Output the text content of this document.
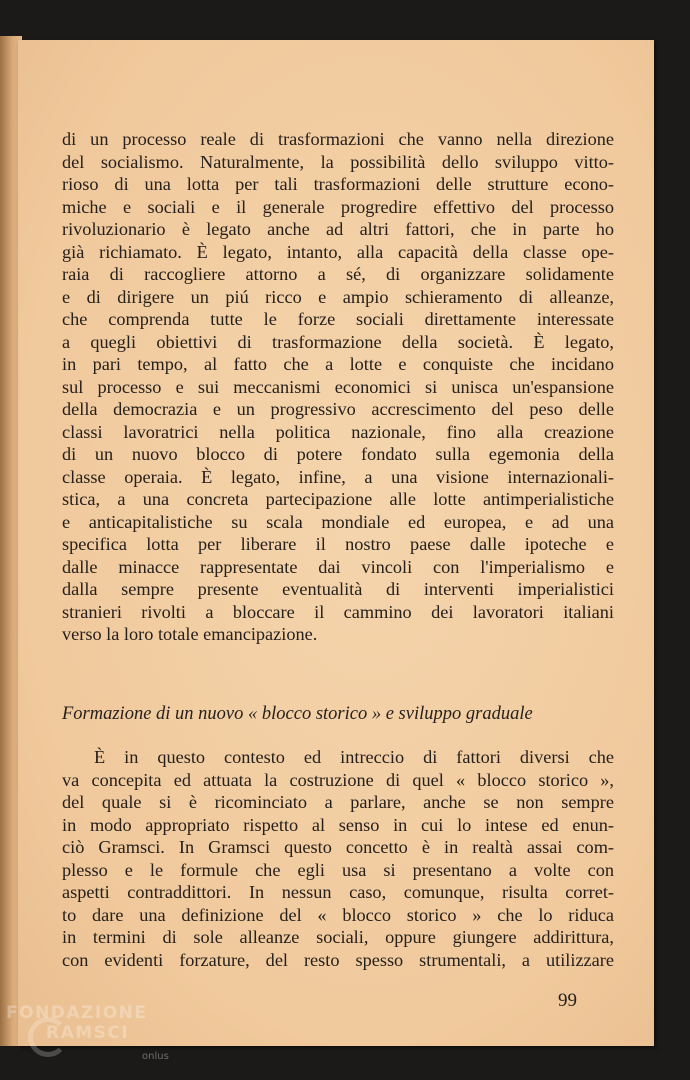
di un processo reale di trasformazioni che vanno nella direzione
del socialismo. Naturalmente, la possibilità dello sviluppo vitto-
rioso di una lotta per tali trasformazioni delle strutture econo-
miche e sociali e il generale progredire effettivo del processo
rivoluzionario è legato anche ad altri fattori, che in parte ho
già richiamato. È legato, intanto, alla capacità della classe ope-
raia di raccogliere attorno a sé, di organizzare solidamente
e di dirigere un piú ricco e ampio schieramento di alleanze,
che comprenda tutte le forze sociali direttamente interessate
a quegli obiettivi di trasformazione della società. È legato,
in pari tempo, al fatto che a lotte e conquiste che incidano
sul processo e sui meccanismi economici si unisca un'espansione
della democrazia e un progressivo accrescimento del peso delle
classi lavoratrici nella politica nazionale, fino alla creazione
di un nuovo blocco di potere fondato sulla egemonia della
classe operaia. È legato, infine, a una visione internazionali-
stica, a una concreta partecipazione alle lotte antimperialistiche
e anticapitalistiche su scala mondiale ed europea, e ad una
specifica lotta per liberare il nostro paese dalle ipoteche e
dalle minacce rappresentate dai vincoli con l'imperialismo e
dalla sempre presente eventualità di interventi imperialistici
stranieri rivolti a bloccare il cammino dei lavoratori italiani
verso la loro totale emancipazione.
Formazione di un nuovo « blocco storico » e sviluppo graduale
È in questo contesto ed intreccio di fattori diversi che
va concepita ed attuata la costruzione di quel « blocco storico »,
del quale si è ricominciato a parlare, anche se non sempre
in modo appropriato rispetto al senso in cui lo intese ed enun-
ciò Gramsci. In Gramsci questo concetto è in realtà assai com-
plesso e le formule che egli usa si presentano a volte con
aspetti contraddittori. In nessun caso, comunque, risulta corret-
to dare una definizione del « blocco storico » che lo riduca
in termini di sole alleanze sociali, oppure giungere addirittura,
con evidenti forzature, del resto spesso strumentali, a utilizzare
99
FONDAZIONE
RAMSCI
onlus
